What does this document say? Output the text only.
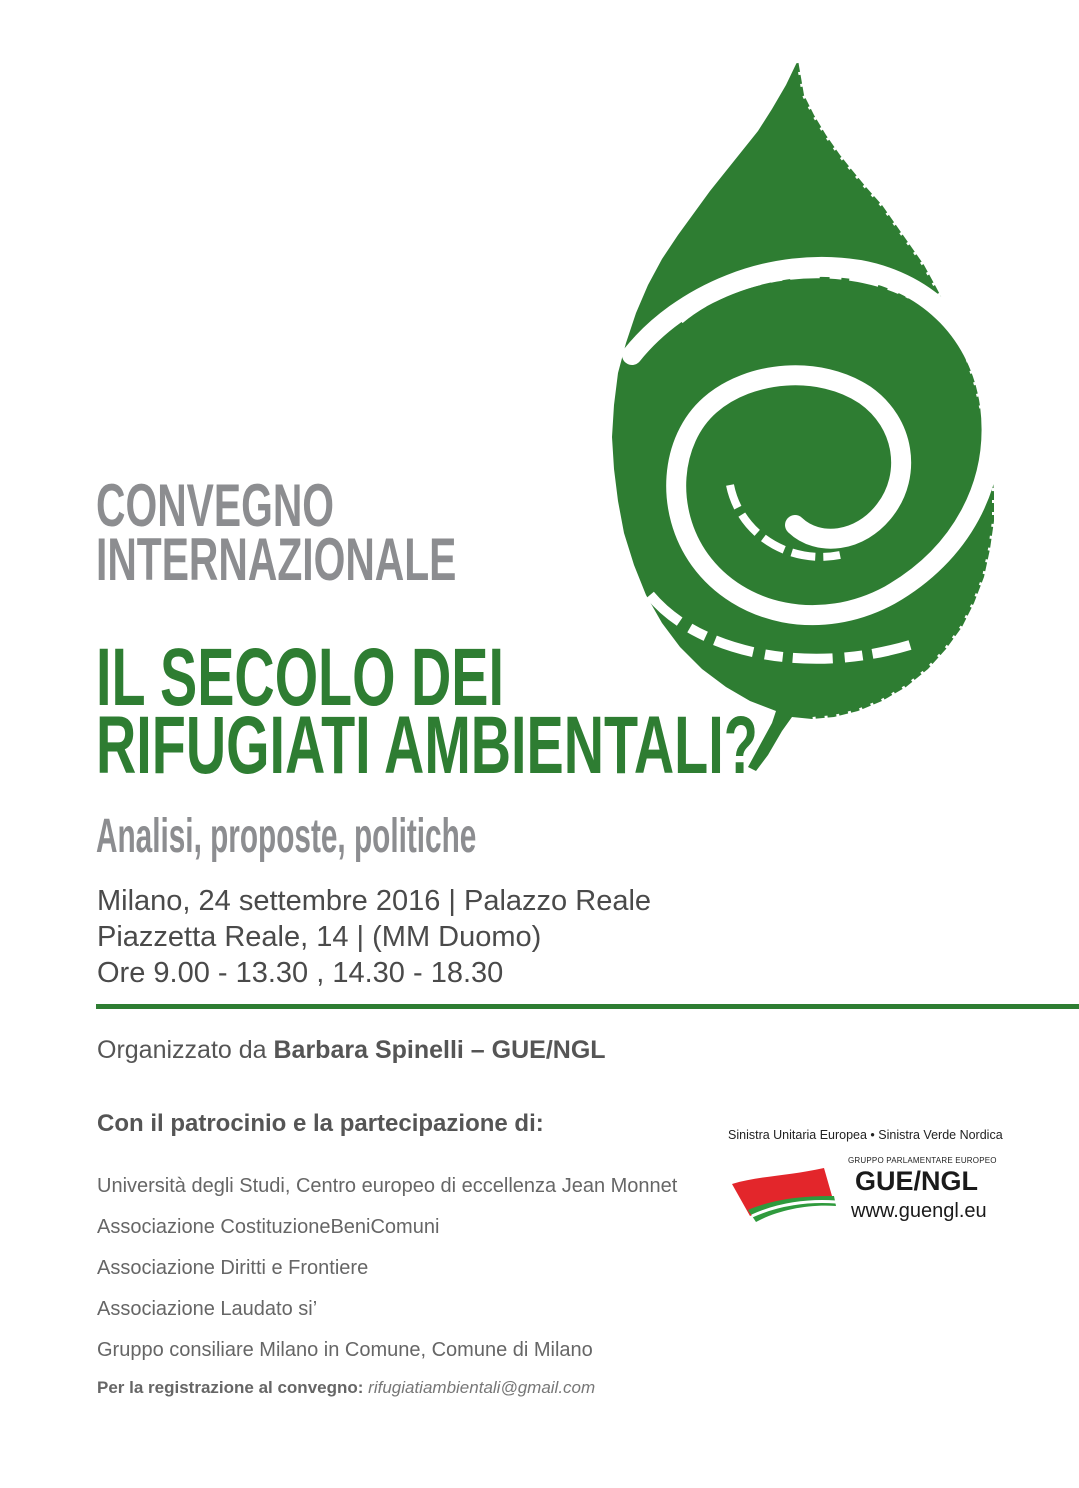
CONVEGNO
INTERNAZIONALE
IL SECOLO DEI
RIFUGIATI AMBIENTALI?
Analisi, proposte, politiche
Milano, 24 settembre 2016 | Palazzo Reale
Piazzetta Reale, 14 | (MM Duomo)
Ore 9.00 - 13.30 , 14.30 - 18.30
Organizzato da Barbara Spinelli – GUE/NGL
Con il patrocinio e la partecipazione di:
Università degli Studi, Centro europeo di eccellenza Jean Monnet
Associazione CostituzioneBeniComuni
Associazione Diritti e Frontiere
Associazione Laudato si’
Gruppo consiliare Milano in Comune, Comune di Milano
Per la registrazione al convegno: rifugiatiambientali@gmail.com
Sinistra Unitaria Europea • Sinistra Verde Nordica
GRUPPO PARLAMENTARE EUROPEO
GUE/NGL
www.guengl.eu
